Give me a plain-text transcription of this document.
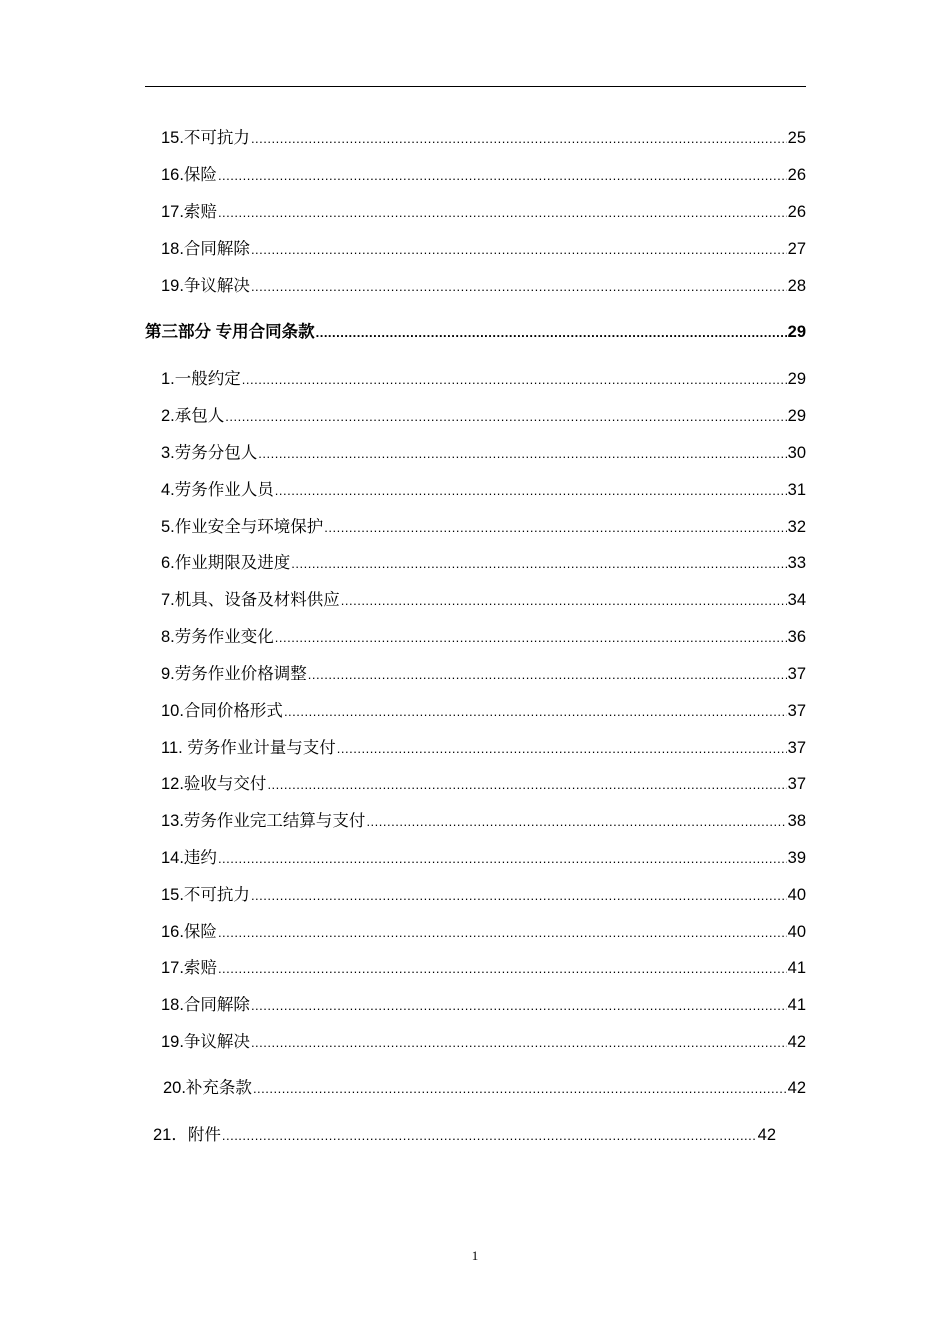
15.不可抗力 .....	25
16.保险 .....	26
17.索赔 .....	26
18.合同解除 .....	27
19.争议解决 .....	28
第三部分 专用合同条款 .....	29
1.一般约定 .....	29
2.承包人 .....	29
3.劳务分包人 .....	30
4.劳务作业人员 .....	31
5.作业安全与环境保护 .....	32
6.作业期限及进度 .....	33
7.机具、设备及材料供应 .....	34
8.劳务作业变化 .....	36
9.劳务作业价格调整 .....	37
10.合同价格形式 .....	37
11. 劳务作业计量与支付 .....	37
12.验收与交付 .....	37
13.劳务作业完工结算与支付 .....	38
14.违约 .....	39
15.不可抗力 .....	40
16.保险 .....	40
17.索赔 .....	41
18.合同解除 .....	41
19.争议解决 .....	42
20.补充条款 .....	42
21．附件 .....	42
1
